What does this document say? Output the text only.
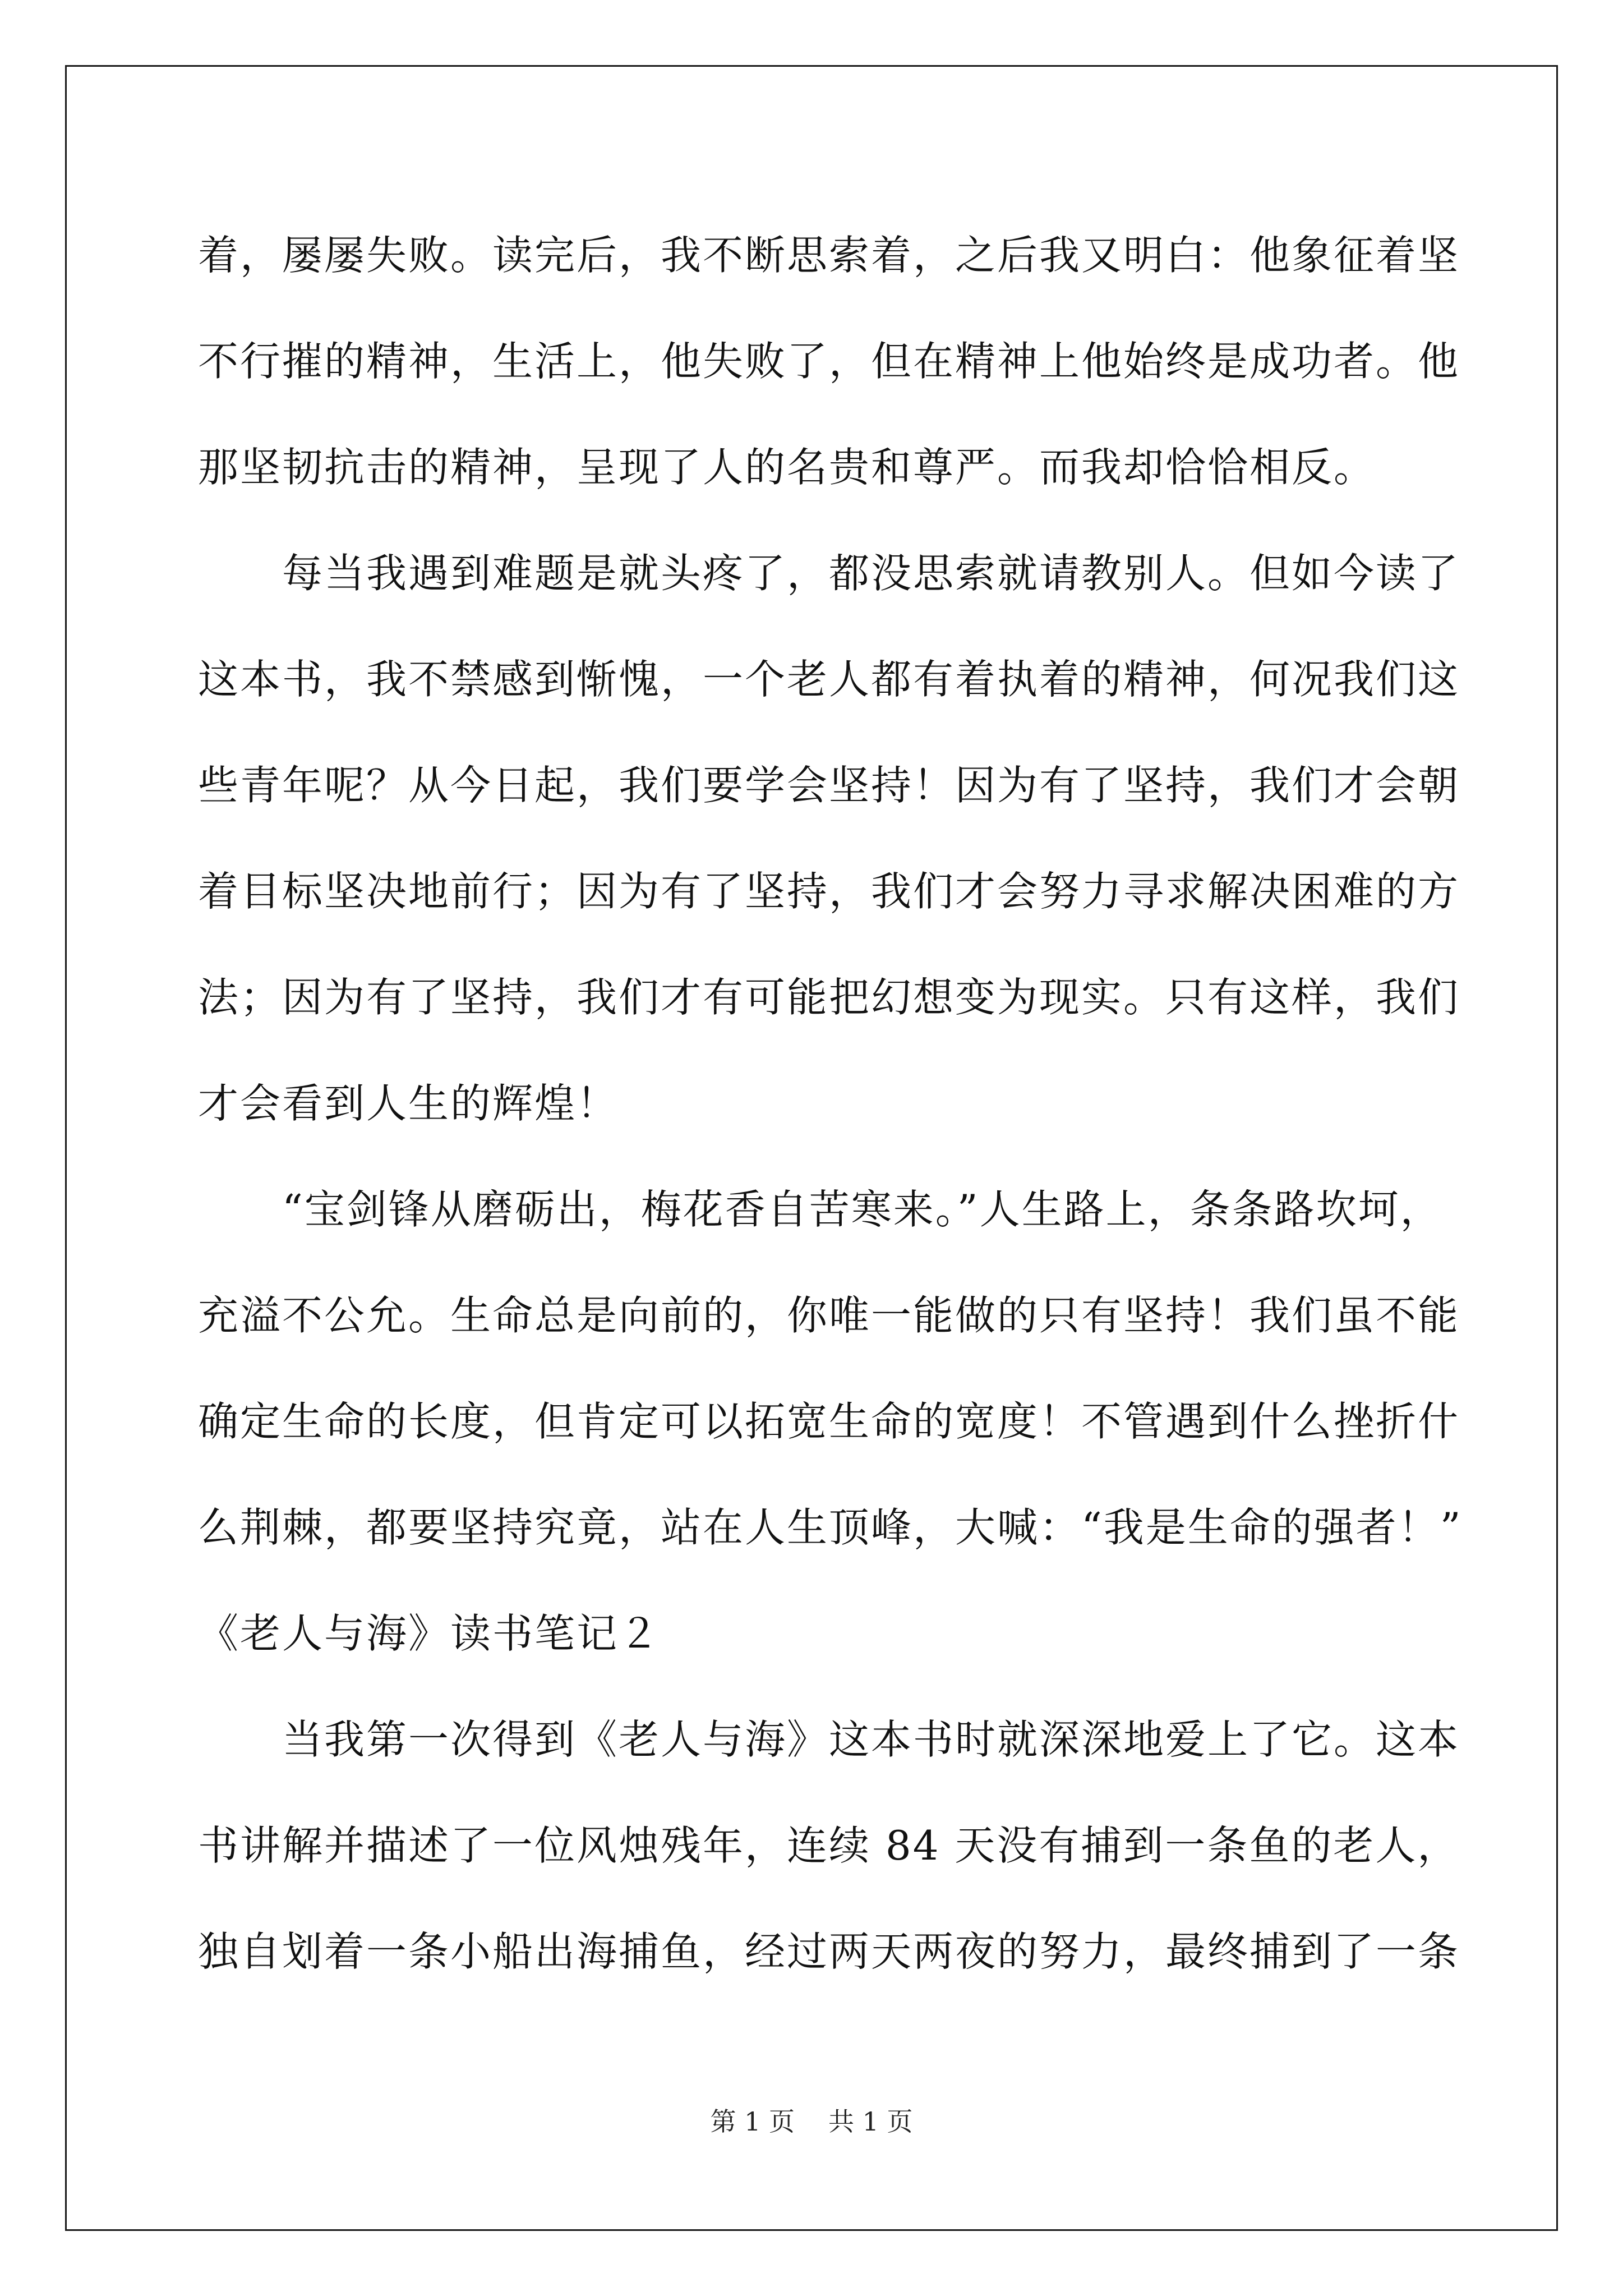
着，屡屡失败。读完后，我不断思索着，之后我又明白：他象征着坚
不行摧的精神，生活上，他失败了，但在精神上他始终是成功者。他
那坚韧抗击的精神，呈现了人的名贵和尊严。而我却恰恰相反。
　　每当我遇到难题是就头疼了，都没思索就请教别人。但如今读了
这本书，我不禁感到惭愧，一个老人都有着执着的精神，何况我们这
些青年呢？从今日起，我们要学会坚持！因为有了坚持，我们才会朝
着目标坚决地前行；因为有了坚持，我们才会努力寻求解决困难的方
法；因为有了坚持，我们才有可能把幻想变为现实。只有这样，我们
才会看到人生的辉煌！
　　“宝剑锋从磨砺出，梅花香自苦寒来。”人生路上，条条路坎坷，
充溢不公允。生命总是向前的，你唯一能做的只有坚持！我们虽不能
确定生命的长度，但肯定可以拓宽生命的宽度！不管遇到什么挫折什
么荆棘，都要坚持究竟，站在人生顶峰，大喊：“我是生命的强者！”
《老人与海》读书笔记２
　　当我第一次得到《老人与海》这本书时就深深地爱上了它。这本
书讲解并描述了一位风烛残年，连续 84 天没有捕到一条鱼的老人，
独自划着一条小船出海捕鱼，经过两天两夜的努力，最终捕到了一条
第 1 页 共 1 页
